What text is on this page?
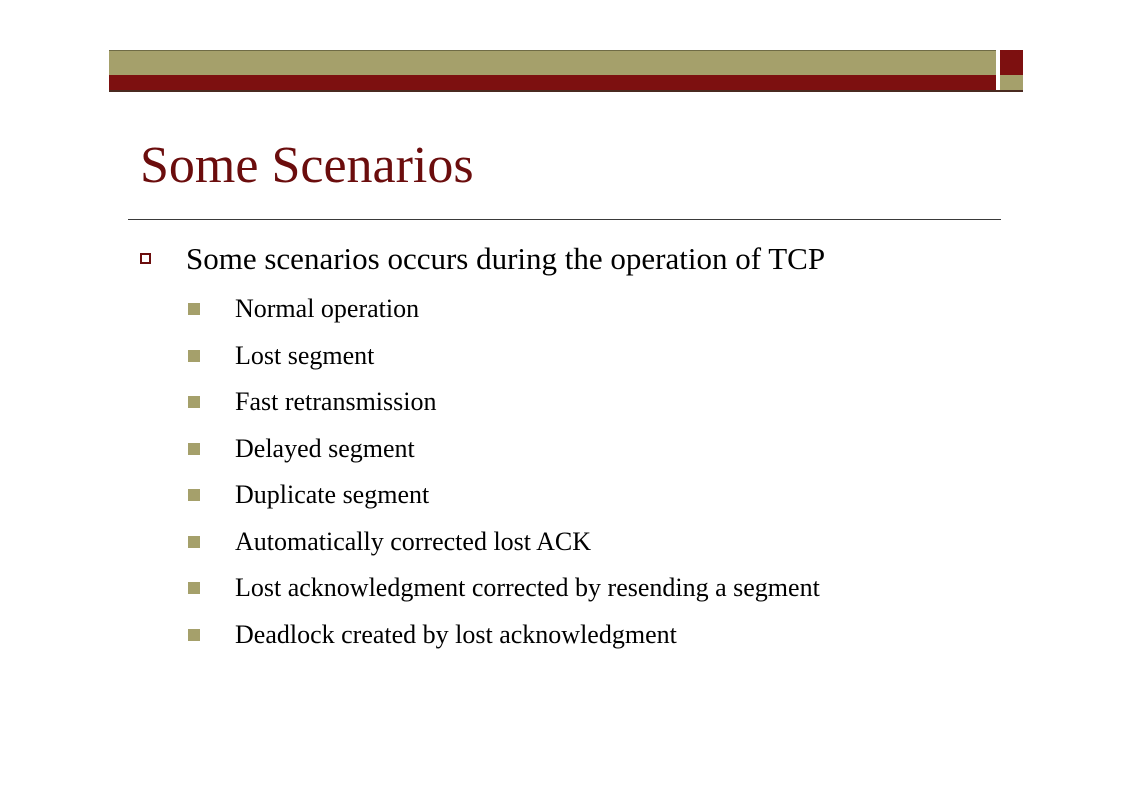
Some Scenarios
Some scenarios occurs during the operation of TCP
Normal operation
Lost segment
Fast retransmission
Delayed segment
Duplicate segment
Automatically corrected lost ACK
Lost acknowledgment corrected by resending a segment
Deadlock created by lost acknowledgment
